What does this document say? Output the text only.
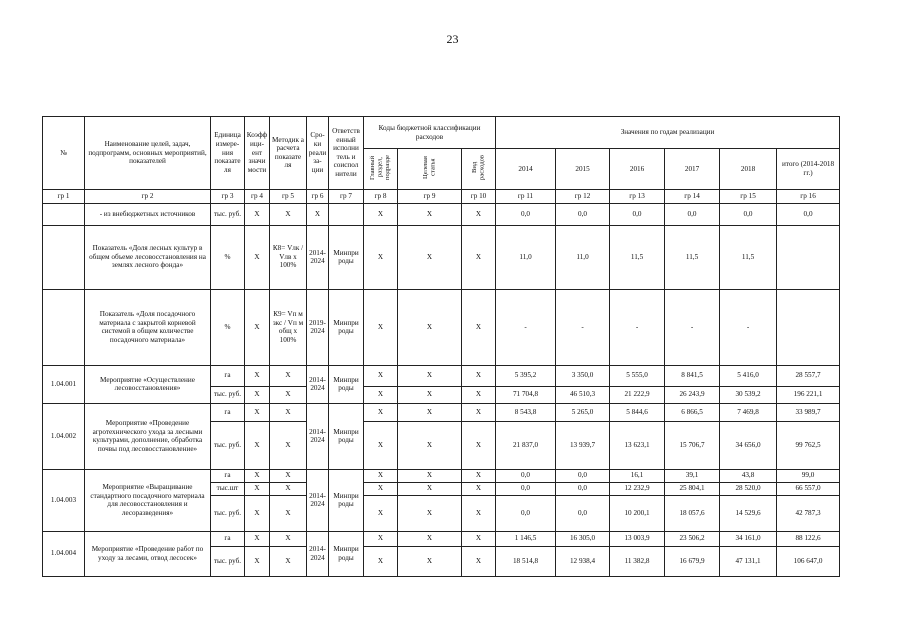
23
№	Наименование целей, задач, подпрограмм, основных мероприятий, показателей	Единица измере- ния показате ля	Коэфф ици- ент значи мости	Методик а расчета показате ля	Сро- ки реали за- ции	Ответств енный исполни тель и соиспол нители	Коды бюджетной классификации расходов			Значения по годам реализации					
							Главный раздел, подразде	Целевая статья	Вид расходов	2014	2015	2016	2017	2018	итого (2014-2018 гг.)
гр 1	гр 2	гр 3	гр 4	гр 5	гр 6	гр 7	гр 8	гр 9	гр 10	гр 11	гр 12	гр 13	гр 14	гр 15	гр 16
	- из внебюджетных источников	тыс. руб.	Х	Х	Х		Х	Х	Х	0,0	0,0	0,0	0,0	0,0	0,0
	Показатель «Доля лесных культур в общем объеме лесовосстановления на землях лесного фонда»	%	Х	К8= Vлк / Vлв х 100%	2014-2024	Минпри роды	Х	Х	Х	11,0	11,0	11,5	11,5	11,5	
	Показатель «Доля посадочного материала с закрытой корневой системой в общем количестве посадочного материала»	%	Х	К9= Vп м зкс / Vп м общ х 100%	2019-2024	Минпри роды	Х	Х	Х	-	-	-	-	-	
1.04.001	Мероприятие «Осуществление лесовосстановления»	га	Х	Х	2014-2024	Минпри роды	Х	Х	Х	5 395,2	3 350,0	5 555,0	8 841,5	5 416,0	28 557,7
		тыс. руб.	Х	Х			Х	Х	Х	71 704,8	46 510,3	21 222,9	26 243,9	30 539,2	196 221,1
1.04.002	Мероприятие «Проведение агротехнического ухода за лесными культурами, дополнение, обработка почвы под лесовосстановление»	га	Х	Х	2014-2024	Минпри роды	Х	Х	Х	8 543,8	5 265,0	5 844,6	6 866,5	7 469,8	33 989,7
		тыс. руб.	Х	Х			Х	Х	Х	21 837,0	13 939,7	13 623,1	15 706,7	34 656,0	99 762,5
1.04.003	Мероприятие «Выращивание стандартного посадочного материала для лесовосстановления и лесоразведения»	га	Х	Х	2014-2024	Минпри роды	Х	Х	Х	0,0	0,0	16,1	39,1	43,8	99,0
		тыс.шт	Х	Х			Х	Х	Х	0,0	0,0	12 232,9	25 804,1	28 520,0	66 557,0
		тыс. руб.	Х	Х			Х	Х	Х	0,0	0,0	10 200,1	18 057,6	14 529,6	42 787,3
1.04.004	Мероприятие «Проведение работ по уходу за лесами, отвод лесосек»	га	Х	Х	2014-2024	Минпри роды	Х	Х	Х	1 146,5	16 305,0	13 003,9	23 506,2	34 161,0	88 122,6
		тыс. руб.	Х	Х			Х	Х	Х	18 514,8	12 938,4	11 382,8	16 679,9	47 131,1	106 647,0
